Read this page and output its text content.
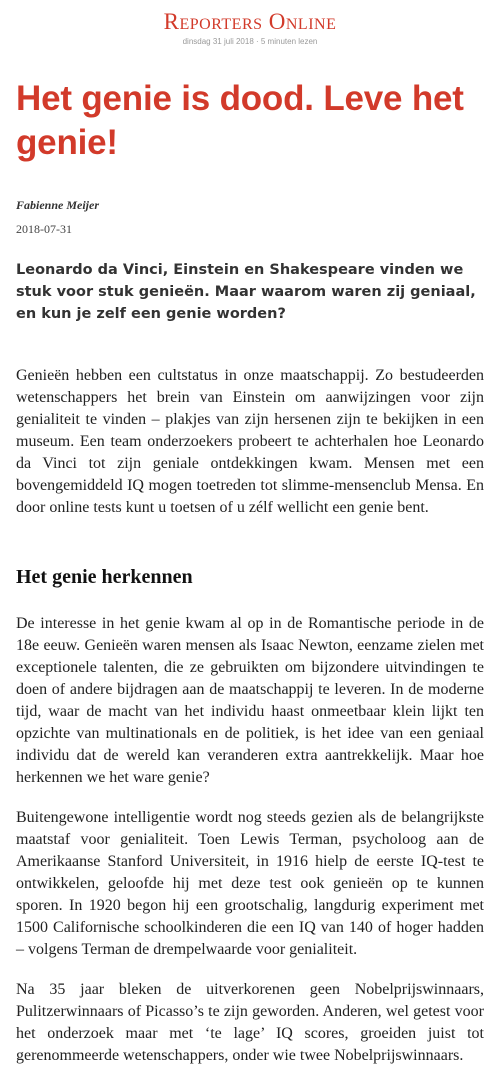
Reporters Online
dinsdag 31 juli 2018 · 5 minuten lezen
Het genie is dood. Leve het genie!
Fabienne Meijer
2018-07-31

Leonardo da Vinci, Einstein en Shakespeare vinden we stuk voor stuk genieën. Maar waarom waren zij geniaal, en kun je zelf een genie worden?

Genieën hebben een cultstatus in onze maatschappij. Zo bestudeerden wetenschappers het brein van Einstein om aanwijzingen voor zijn genialiteit te vinden – plakjes van zijn hersenen zijn te bekijken in een museum. Een team onderzoekers probeert te achterhalen hoe Leonardo da Vinci tot zijn geniale ontdekkingen kwam. Mensen met een bovengemiddeld IQ mogen toetreden tot slimme-mensenclub Mensa. En door online tests kunt u toetsen of u zélf wellicht een genie bent.

Het genie herkennen

De interesse in het genie kwam al op in de Romantische periode in de 18e eeuw. Genieën waren mensen als Isaac Newton, eenzame zielen met exceptionele talenten, die ze gebruikten om bijzondere uitvindingen te doen of andere bijdragen aan de maatschappij te leveren. In de moderne tijd, waar de macht van het individu haast onmeetbaar klein lijkt ten opzichte van multinationals en de politiek, is het idee van een geniaal individu dat de wereld kan veranderen extra aantrekkelijk. Maar hoe herkennen we het ware genie?

Buitengewone intelligentie wordt nog steeds gezien als de belangrijkste maatstaf voor genialiteit. Toen Lewis Terman, psycholoog aan de Amerikaanse Stanford Universiteit, in 1916 hielp de eerste IQ-test te ontwikkelen, geloofde hij met deze test ook genieën op te kunnen sporen. In 1920 begon hij een grootschalig, langdurig experiment met 1500 Californische schoolkinderen die een IQ van 140 of hoger hadden – volgens Terman de drempelwaarde voor genialiteit.

Na 35 jaar bleken de uitverkorenen geen Nobelprijswinnaars, Pulitzerwinnaars of Picasso’s te zijn geworden. Anderen, wel getest voor het onderzoek maar met ‘te lage’ IQ scores, groeiden juist tot gerenommeerde wetenschappers, onder wie twee Nobelprijswinnaars.
